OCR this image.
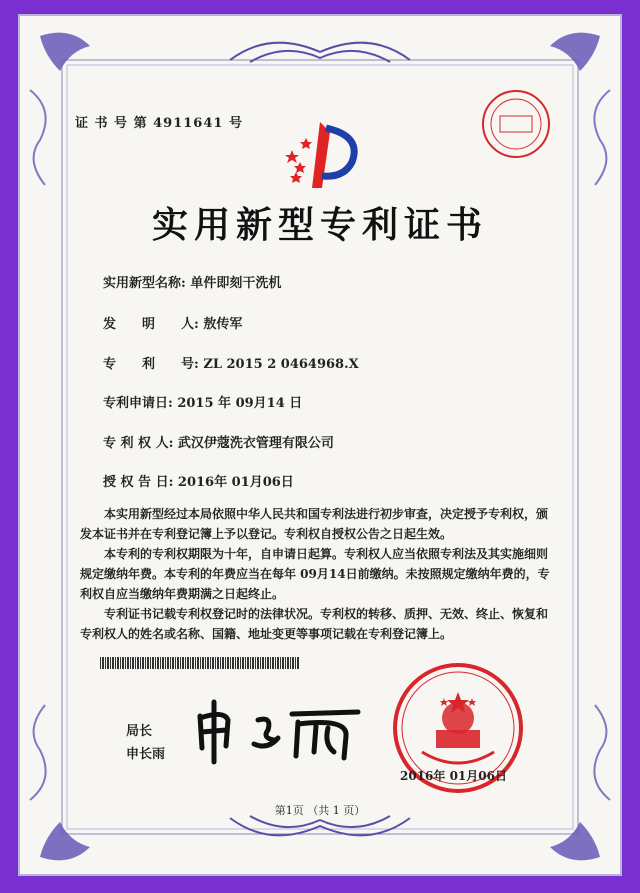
证 书 号 第 4911641 号
实用新型专利证书
实用新型名称: 单件即刻干洗机
发　　明　　人: 敖传军
专　　利　　号: ZL 2015 2 0464968.X
专利申请日: 2015 年 09月14 日
专 利 权 人: 武汉伊蔻洗衣管理有限公司
授 权 告 日: 2016年 01月06日
　　本实用新型经过本局依照中华人民共和国专利法进行初步审查，决定授予专利权，颁
发本证书并在专利登记簿上予以登记。专利权自授权公告之日起生效。
　　本专利的专利权期限为十年，自申请日起算。专利权人应当依照专利法及其实施细则
规定缴纳年费。本专利的年费应当在每年 09月14日前缴纳。未按照规定缴纳年费的，专
利权自应当缴纳年费期满之日起终止。
　　专利证书记载专利权登记时的法律状况。专利权的转移、质押、无效、终止、恢复和
专利权人的姓名或名称、国籍、地址变更等事项记载在专利登记簿上。
局长
申长雨
2016年 01月06日
第1页 （共 1 页）
